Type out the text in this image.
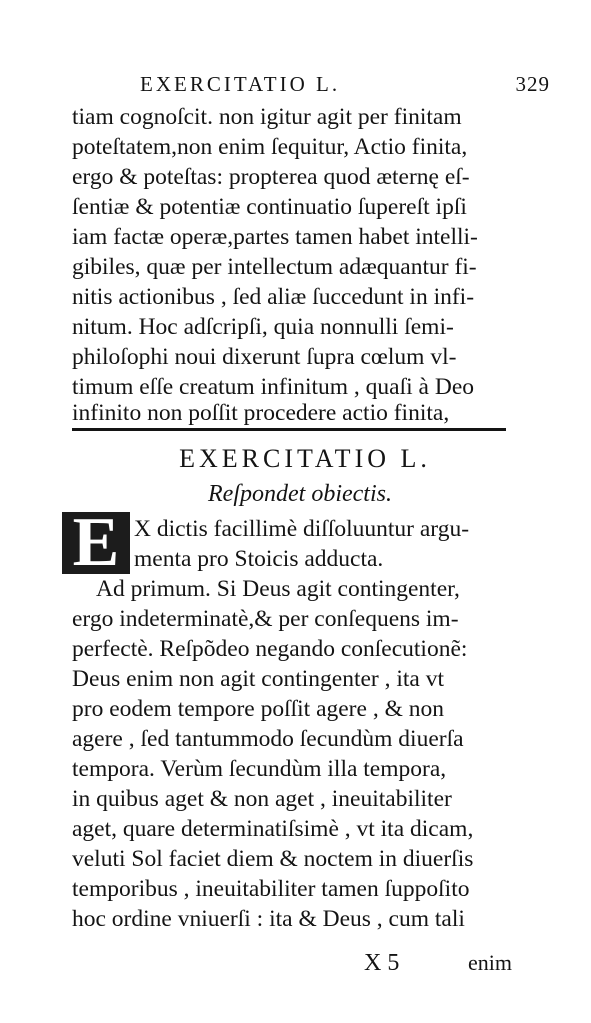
EXERCITATIO L.	329
tiam cognoſcit. non igitur agit per finitam
poteſtatem,non enim ſequitur, Actio finita,
ergo & poteſtas: propterea quod æternę eſ-
ſentiæ & potentiæ continuatio ſupereſt ipſi
iam factæ operæ,partes tamen habet intelli-
gibiles, quæ per intellectum adæquantur fi-
nitis actionibus , ſed aliæ ſuccedunt in infi-
nitum. Hoc adſcripſi, quia nonnulli ſemi-
philoſophi noui dixerunt ſupra cœlum vl-
timum eſſe creatum infinitum , quaſi à Deo
infinito non poſſit procedere actio finita,
EXERCITATIO L.
Reſpondet obiectis.
E X dictis facillimè diſſoluuntur argu-
menta pro Stoicis adducta.
Ad primum. Si Deus agit contingenter,
ergo indeterminatè,& per conſequens im-
perfectè. Reſpõdeo negando conſecutionẽ:
Deus enim non agit contingenter , ita vt
pro eodem tempore poſſit agere , & non
agere , ſed tantummodo ſecundùm diuerſa
tempora. Verùm ſecundùm illa tempora,
in quibus aget & non aget , ineuitabiliter
aget, quare determinatiſsimè , vt ita dicam,
veluti Sol faciet diem & noctem in diuerſis
temporibus , ineuitabiliter tamen ſuppoſito
hoc ordine vniuerſi : ita & Deus , cum tali
X 5	enim
